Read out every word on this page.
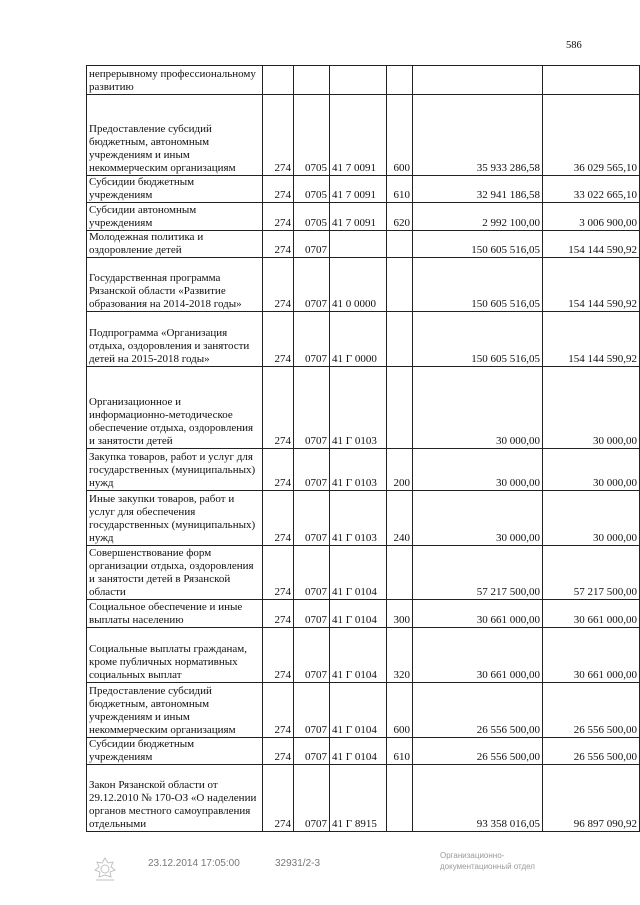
586
непрерывному профессиональному развитию						
Предоставление субсидий бюджетным, автономным учреждениям и иным некоммерческим организациям	274	0705	41 7 0091	600	35 933 286,58	36 029 565,10
Субсидии бюджетным учреждениям	274	0705	41 7 0091	610	32 941 186,58	33 022 665,10
Субсидии автономным учреждениям	274	0705	41 7 0091	620	2 992 100,00	3 006 900,00
Молодежная политика и оздоровление детей	274	0707			150 605 516,05	154 144 590,92
Государственная программа Рязанской области «Развитие образования на 2014-2018 годы»	274	0707	41 0 0000		150 605 516,05	154 144 590,92
Подпрограмма «Организация отдыха, оздоровления и занятости детей на 2015-2018 годы»	274	0707	41 Г 0000		150 605 516,05	154 144 590,92
Организационное и информационно-методическое обеспечение отдыха, оздоровления и занятости детей	274	0707	41 Г 0103		30 000,00	30 000,00
Закупка товаров, работ и услуг для государственных (муниципальных) нужд	274	0707	41 Г 0103	200	30 000,00	30 000,00
Иные закупки товаров, работ и услуг для обеспечения государственных (муниципальных) нужд	274	0707	41 Г 0103	240	30 000,00	30 000,00
Совершенствование форм организации отдыха, оздоровления и занятости детей в Рязанской области	274	0707	41 Г 0104		57 217 500,00	57 217 500,00
Социальное обеспечение и иные выплаты населению	274	0707	41 Г 0104	300	30 661 000,00	30 661 000,00
Социальные выплаты гражданам, кроме публичных нормативных социальных выплат	274	0707	41 Г 0104	320	30 661 000,00	30 661 000,00
Предоставление субсидий бюджетным, автономным учреждениям и иным некоммерческим организациям	274	0707	41 Г 0104	600	26 556 500,00	26 556 500,00
Субсидии бюджетным учреждениям	274	0707	41 Г 0104	610	26 556 500,00	26 556 500,00
Закон Рязанской области от 29.12.2010 № 170-ОЗ «О наделении органов местного самоуправления отдельными	274	0707	41 Г 8915		93 358 016,05	96 897 090,92
23.12.2014 17:05:00	32931/2-3
Организационно-
документационный отдел
